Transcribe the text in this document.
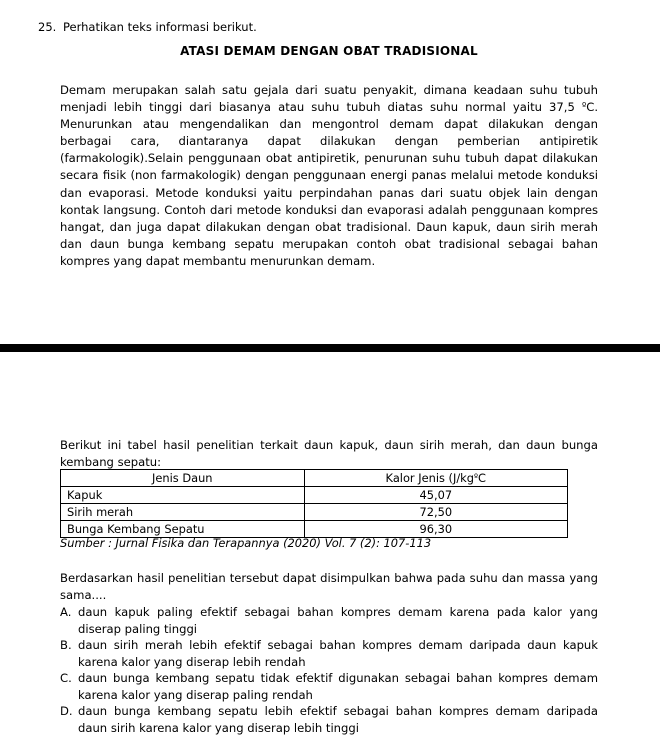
25. Perhatikan teks informasi berikut.
ATASI DEMAM DENGAN OBAT TRADISIONAL
Demam merupakan salah satu gejala dari suatu penyakit, dimana keadaan suhu tubuh menjadi lebih tinggi dari biasanya atau suhu tubuh diatas suhu normal yaitu 37,5 ºC. Menurunkan atau mengendalikan dan mengontrol demam dapat dilakukan dengan berbagai cara, diantaranya dapat dilakukan dengan pemberian antipiretik (farmakologik).Selain penggunaan obat antipiretik, penurunan suhu tubuh dapat dilakukan secara fisik (non farmakologik) dengan penggunaan energi panas melalui metode konduksi dan evaporasi. Metode konduksi yaitu perpindahan panas dari suatu objek lain dengan kontak langsung. Contoh dari metode konduksi dan evaporasi adalah penggunaan kompres hangat, dan juga dapat dilakukan dengan obat tradisional. Daun kapuk, daun sirih merah dan daun bunga kembang sepatu merupakan contoh obat tradisional sebagai bahan kompres yang dapat membantu menurunkan demam.
Berikut ini tabel hasil penelitian terkait daun kapuk, daun sirih merah, dan daun bunga kembang sepatu:
Jenis Daun	Kalor Jenis (J/kgºC
Kapuk	45,07
Sirih merah	72,50
Bunga Kembang Sepatu	96,30
Sumber : Jurnal Fisika dan Terapannya (2020) Vol. 7 (2): 107-113
Berdasarkan hasil penelitian tersebut dapat disimpulkan bahwa pada suhu dan massa yang sama....
A. daun kapuk paling efektif sebagai bahan kompres demam karena pada kalor yang diserap paling tinggi
B. daun sirih merah lebih efektif sebagai bahan kompres demam daripada daun kapuk karena kalor yang diserap lebih rendah
C. daun bunga kembang sepatu tidak efektif digunakan sebagai bahan kompres demam karena kalor yang diserap paling rendah
D. daun bunga kembang sepatu lebih efektif sebagai bahan kompres demam daripada daun sirih karena kalor yang diserap lebih tinggi
